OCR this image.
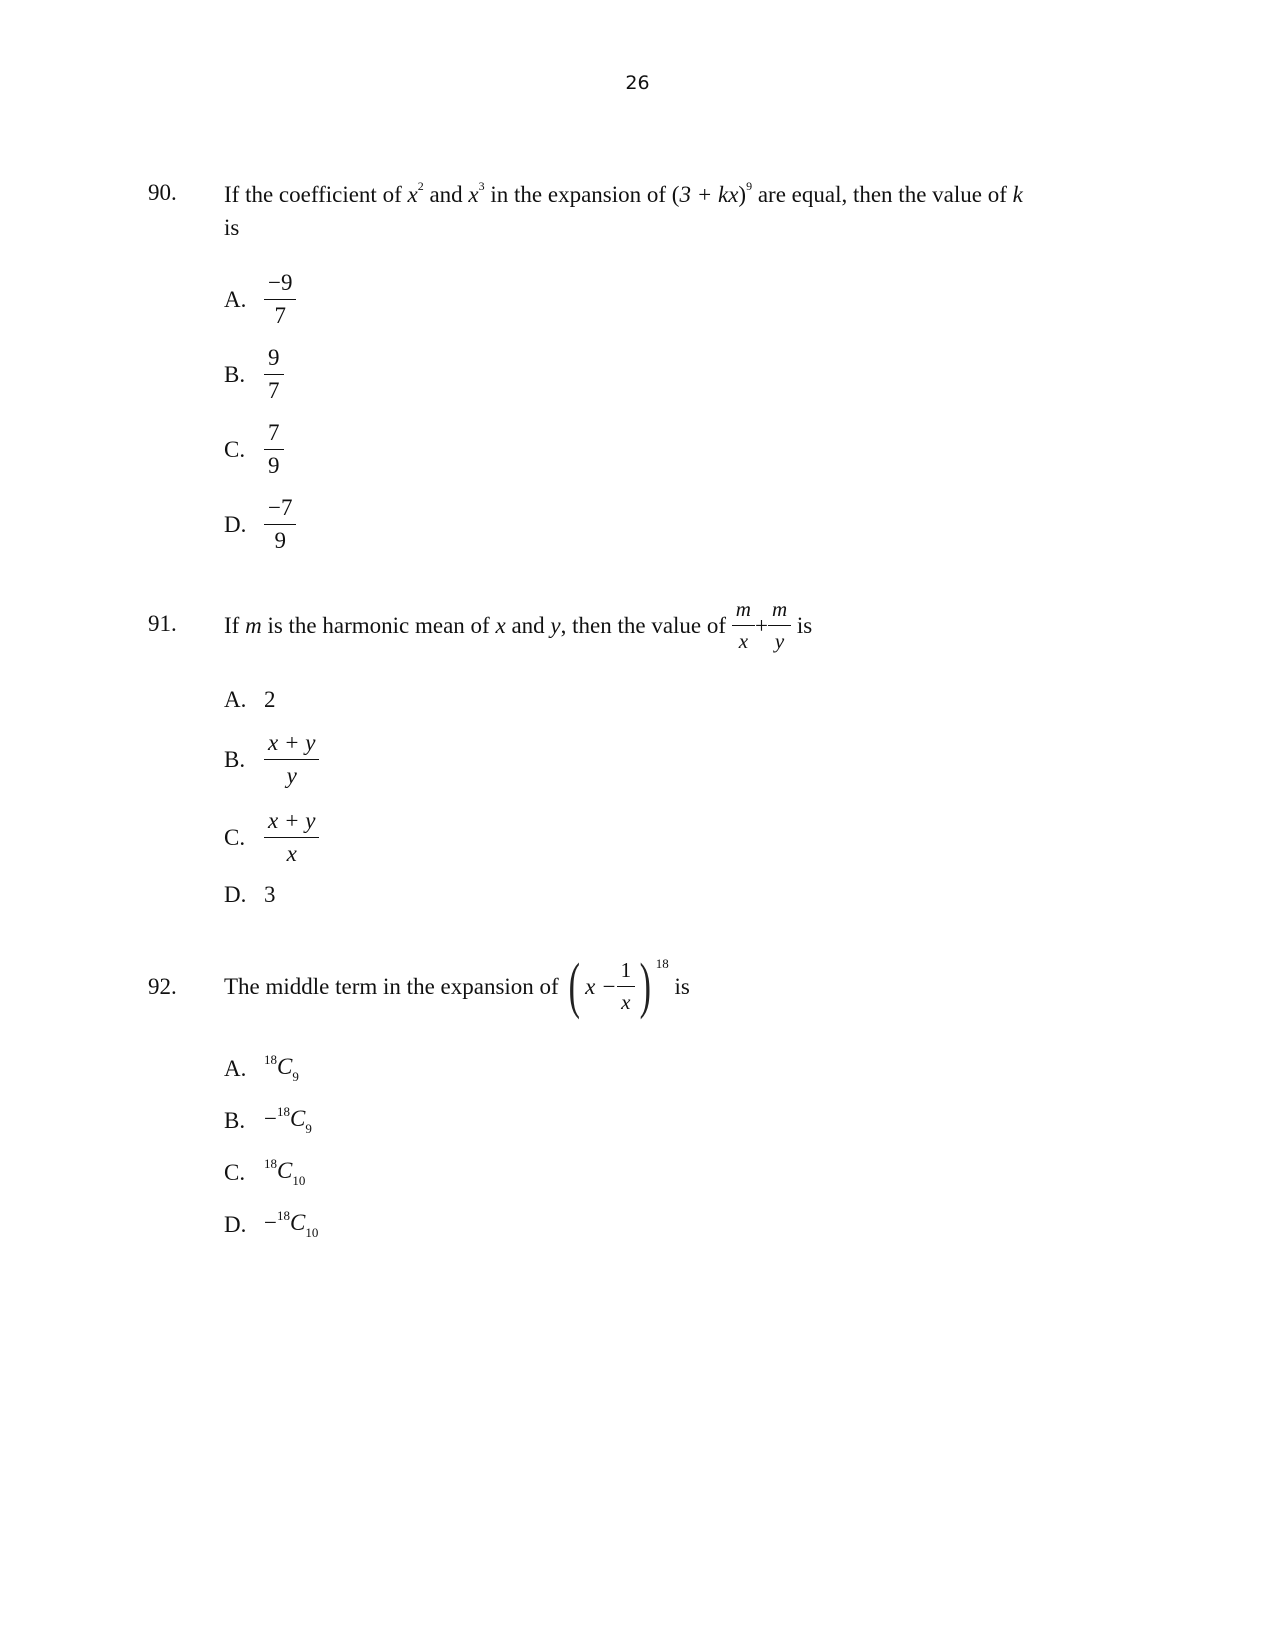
26
90. If the coefficient of $x^2$ and $x^3$ in the expansion of (3 + kx)$^9$ are equal, then the value of k
is
A. $\frac{-9}{7}$
B. $\frac{9}{7}$
C. $\frac{7}{9}$
D. $\frac{-7}{9}$
91. If
m
is the harmonic mean of
x
and
y , then the value of
$\frac{m}{x} + \frac{m}{y}$
is
A. 2
B. $\frac{x + y}{y}$
C. $\frac{x + y}{x}$
D. 3
92. The middle term in the expansion of
( $x - \frac{1}{x}$ ) 18

is
A.	$^{18}C_9$
B. $-^{18}C_9$
C.	$^{18}C_{10}$
D. $-^{18}C_{10}$
